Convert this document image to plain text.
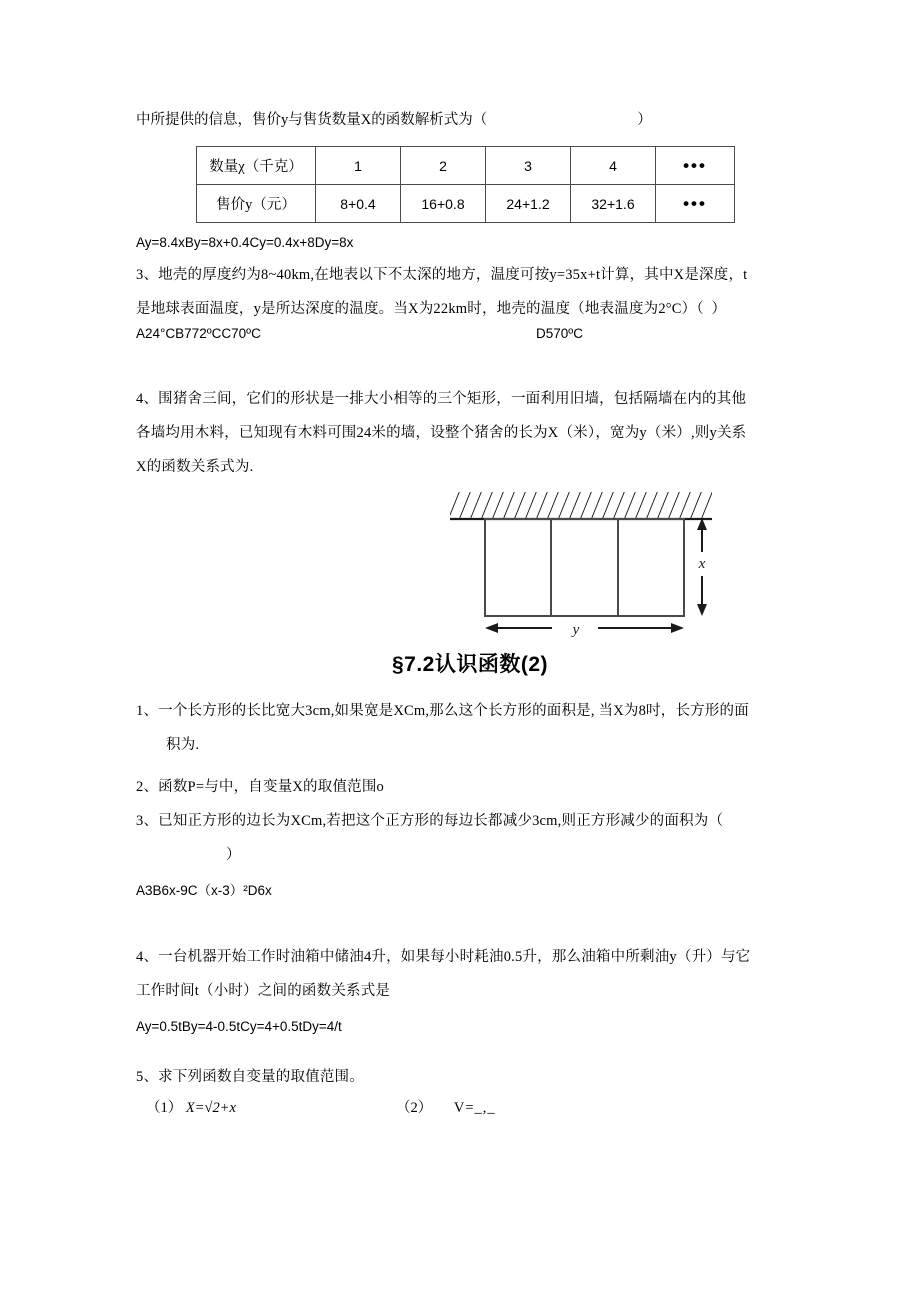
中所提供的信息，售价y与售货数量X的函数解析式为（	）
数量χ（千克）	1	2	3	4	•••
售价y（元）	8+0.4	16+0.8	24+1.2	32+1.6	•••
Ay=8.4xBy=8x+0.4Cy=0.4x+8Dy=8x
3、地壳的厚度约为8~40km,在地表以下不太深的地方，温度可按y=35x+t计算，其中X是深度，t
是地球表面温度，y是所达深度的温度。当X为22km时，地壳的温度（地表温度为2°C）（  ）
A24°CB772ºCC70ºC	D570ºC
4、围猪舍三间，它们的形状是一排大小相等的三个矩形，一面利用旧墙，包括隔墙在内的其他
各墙均用木料，已知现有木料可围24米的墙，设整个猪舍的长为X（米），宽为y（米）,则y关系
X的函数关系式为.
x
y
§7.2认识函数(2)
1、一个长方形的长比宽大3cm,如果宽是XCm,那么这个长方形的面积是, 当X为8吋，长方形的面
积为.
2、函数P=与中，自变量X的取值范围o
3、已知正方形的边长为XCm,若把这个正方形的每边长都减少3cm,则正方形减少的面积为（
）
A3B6x-9C（x-3）²D6x
4、一台机器开始工作时油箱中储油4升，如果每小时耗油0.5升，那么油箱中所剩油y（升）与它
工作时间t（小时）之间的函数关系式是
Ay=0.5tBy=4-0.5tCy=4+0.5tDy=4/t
5、求下列函数自变量的取值范围。
（1） X=√2+x	（2） V=_,_
